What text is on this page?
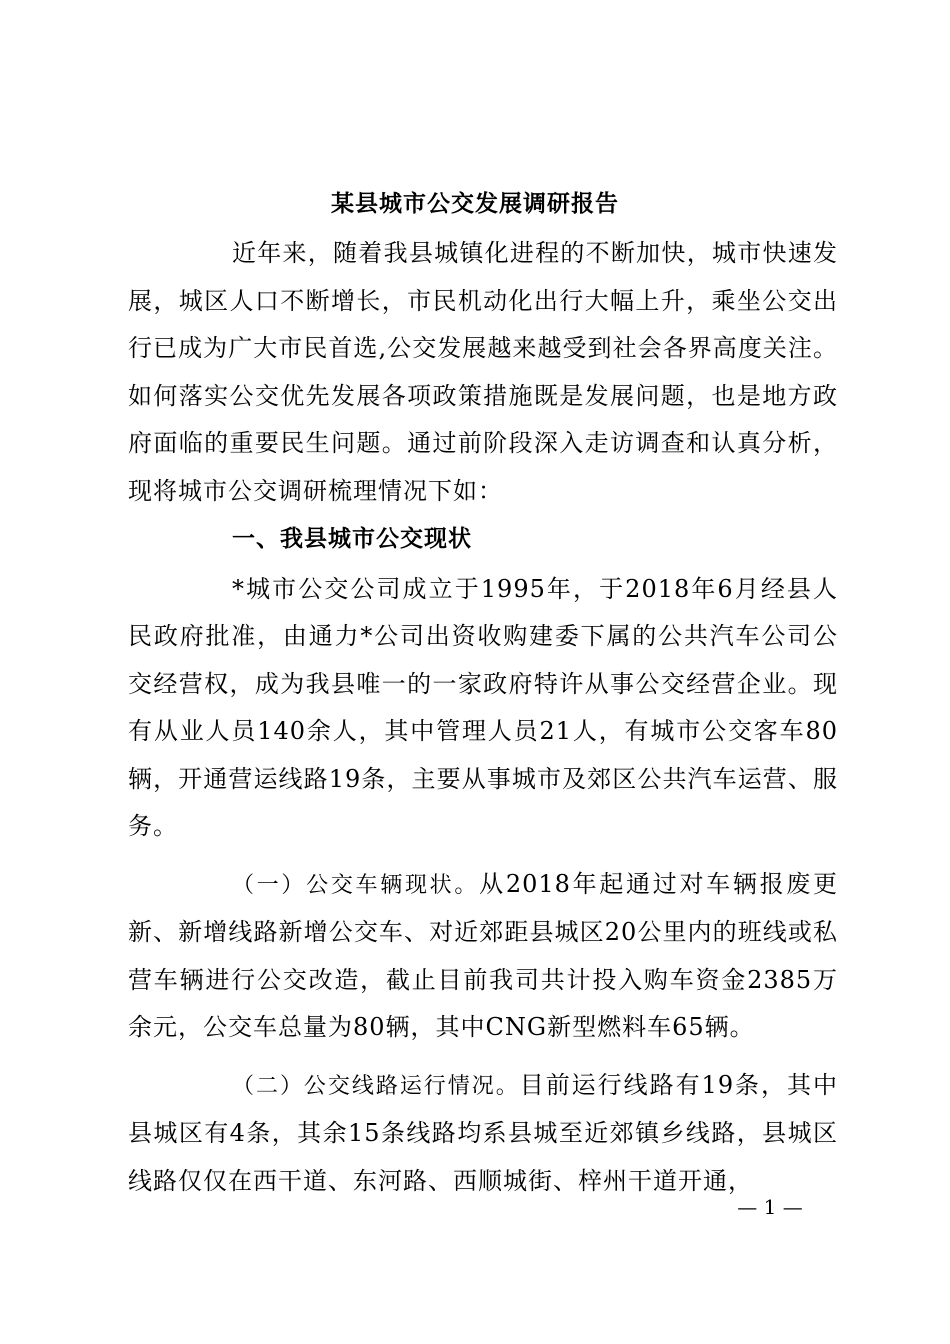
某县城市公交发展调研报告

近年来，随着我县城镇化进程的不断加快，城市快速发展，城区人口不断增长，市民机动化出行大幅上升，乘坐公交出行已成为广大市民首选,公交发展越来越受到社会各界高度关注。如何落实公交优先发展各项政策措施既是发展问题，也是地方政府面临的重要民生问题。通过前阶段深入走访调查和认真分析，现将城市公交调研梳理情况下如：

一、我县城市公交现状

*城市公交公司成立于1995年，于2018年6月经县人民政府批准，由通力*公司出资收购建委下属的公共汽车公司公交经营权，成为我县唯一的一家政府特许从事公交经营企业。现有从业人员140余人，其中管理人员21人，有城市公交客车80辆，开通营运线路19条，主要从事城市及郊区公共汽车运营、服务。

（一）公交车辆现状。从2018年起通过对车辆报废更新、新增线路新增公交车、对近郊距县城区20公里内的班线或私营车辆进行公交改造，截止目前我司共计投入购车资金2385万余元，公交车总量为80辆，其中CNG新型燃料车65辆。

（二）公交线路运行情况。目前运行线路有19条，其中县城区有4条，其余15条线路均系县城至近郊镇乡线路，县城区线路仅仅在西干道、东河路、西顺城街、梓州干道开通，

— 1 —
